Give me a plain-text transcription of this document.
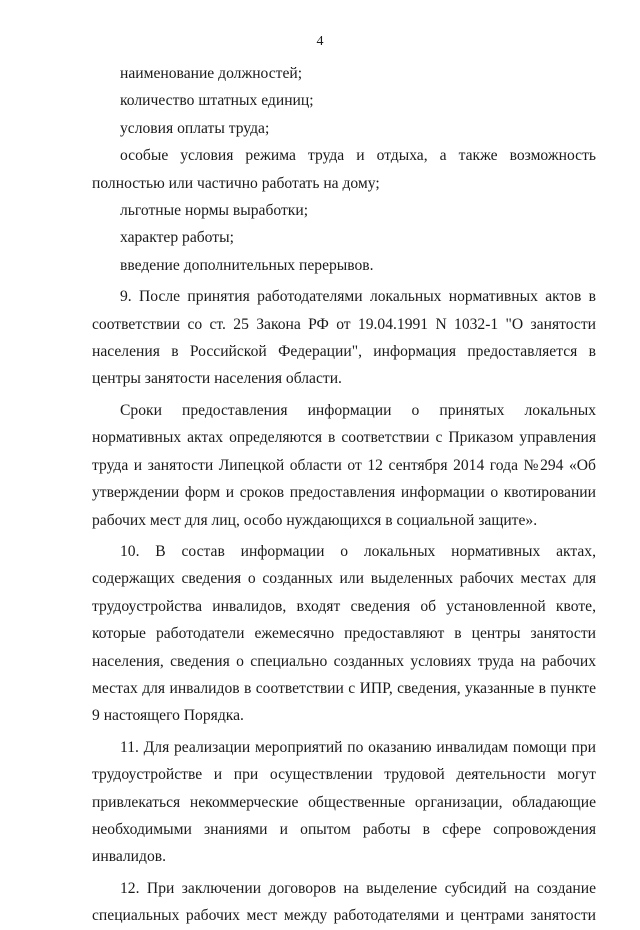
4

наименование должностей;

количество штатных единиц;

условия оплаты труда;

особые условия режима труда и отдыха, а также возможность полностью или частично работать на дому;

льготные нормы выработки;

характер работы;

введение дополнительных перерывов.

9. После принятия работодателями локальных нормативных актов в соответствии со ст. 25 Закона РФ от 19.04.1991 N 1032-1 "О занятости населения в Российской Федерации", информация предоставляется в центры занятости населения области.

Сроки предоставления информации о принятых локальных нормативных актах определяются в соответствии с Приказом управления труда и занятости Липецкой области от 12 сентября 2014 года №294 «Об утверждении форм и сроков предоставления информации о квотировании рабочих мест для лиц, особо нуждающихся в социальной защите».

10. В состав информации о локальных нормативных актах, содержащих сведения о созданных или выделенных рабочих местах для трудоустройства инвалидов, входят сведения об установленной квоте, которые работодатели ежемесячно предоставляют в центры занятости населения, сведения о специально созданных условиях труда на рабочих местах для инвалидов в соответствии с ИПР, сведения, указанные в пункте 9 настоящего Порядка.

11. Для реализации мероприятий по оказанию инвалидам помощи при трудоустройстве и при осуществлении трудовой деятельности могут привлекаться некоммерческие общественные организации, обладающие необходимыми знаниями и опытом работы в сфере сопровождения инвалидов.

12. При заключении договоров на выделение субсидий на создание специальных рабочих мест между работодателями и центрами занятости
